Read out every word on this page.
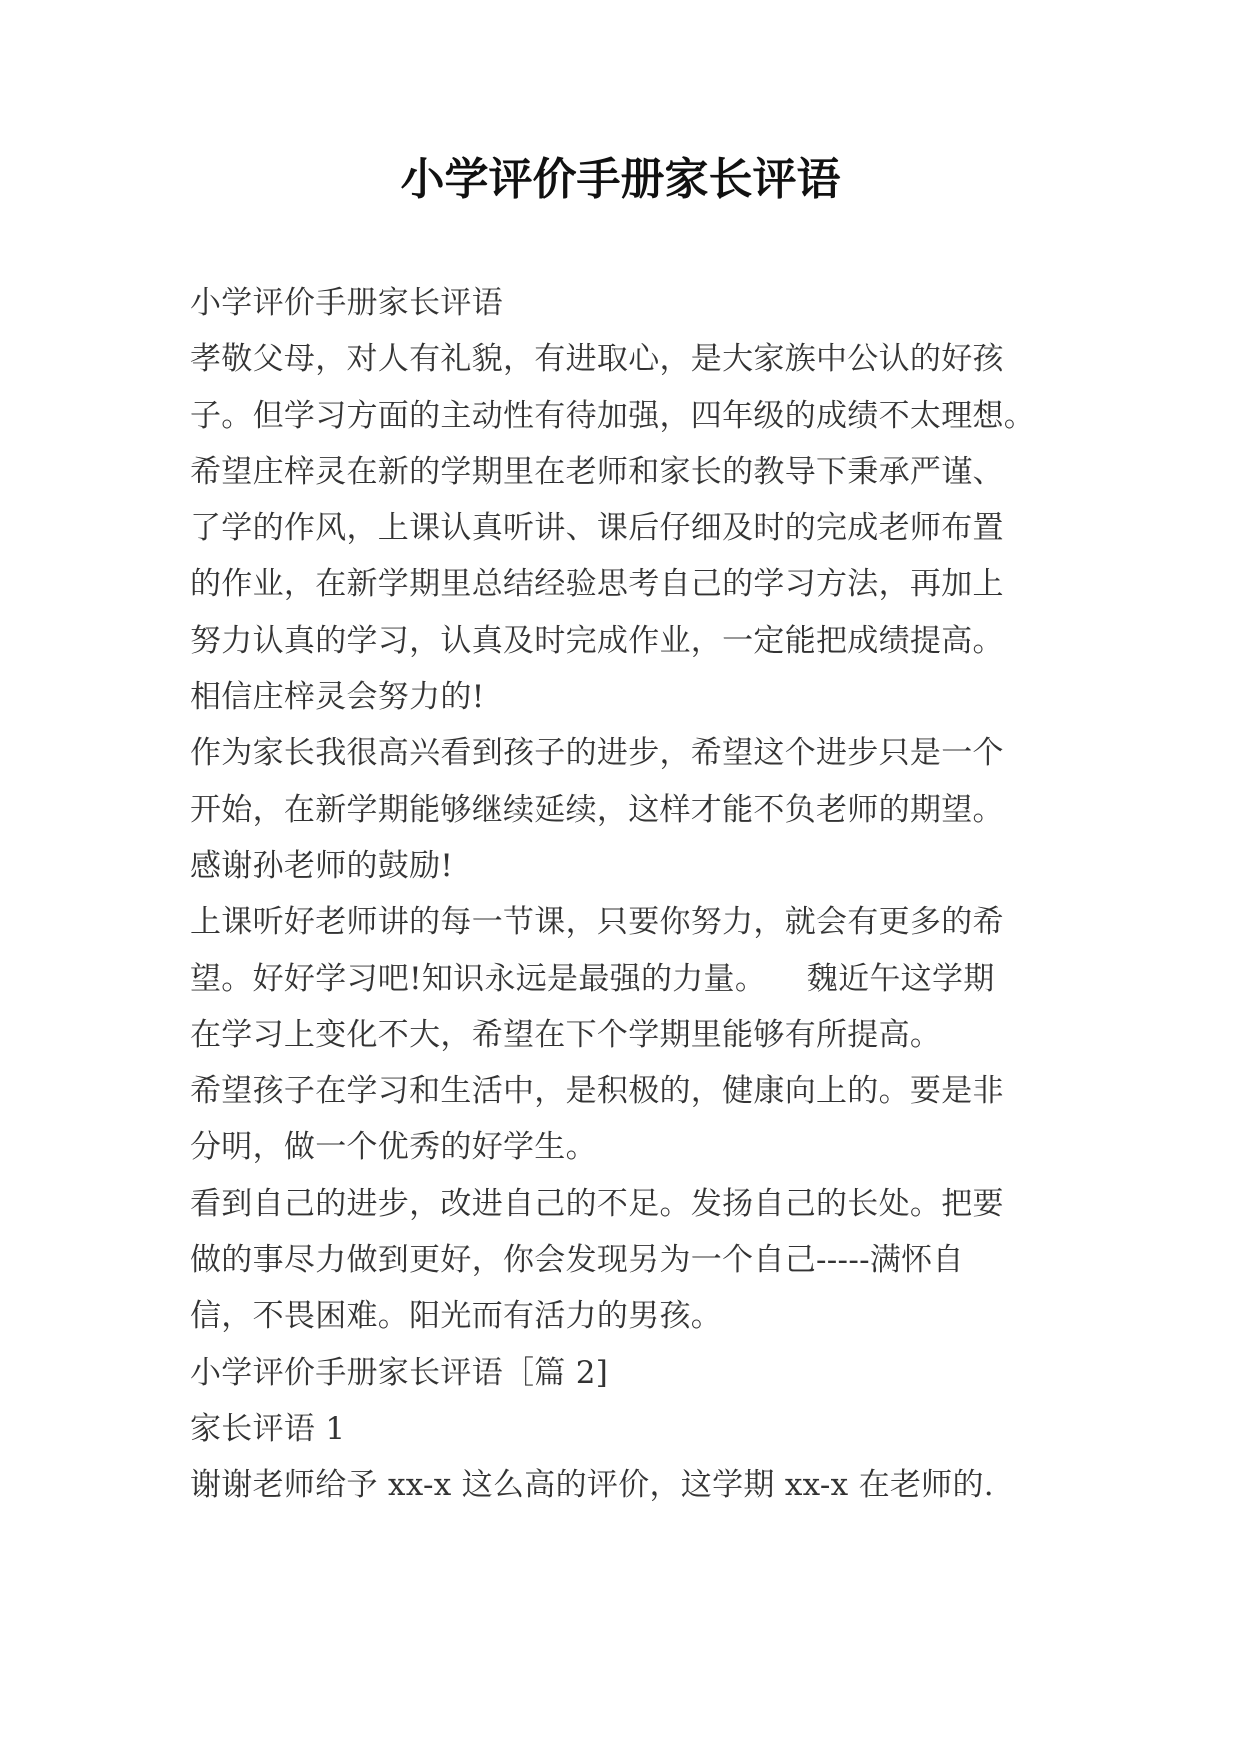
小学评价手册家长评语
小学评价手册家长评语
孝敬父母，对人有礼貌，有进取心，是大家族中公认的好孩
子。但学习方面的主动性有待加强，四年级的成绩不太理想。
希望庄梓灵在新的学期里在老师和家长的教导下秉承严谨、
了学的作风，上课认真听讲、课后仔细及时的完成老师布置
的作业，在新学期里总结经验思考自己的学习方法，再加上
努力认真的学习，认真及时完成作业，一定能把成绩提高。
相信庄梓灵会努力的!
作为家长我很高兴看到孩子的进步，希望这个进步只是一个
开始，在新学期能够继续延续，这样才能不负老师的期望。
感谢孙老师的鼓励!
上课听好老师讲的每一节课，只要你努力，就会有更多的希
望。好好学习吧!知识永远是最强的力量。    魏近午这学期
在学习上变化不大，希望在下个学期里能够有所提高。
希望孩子在学习和生活中，是积极的，健康向上的。要是非
分明，做一个优秀的好学生。
看到自己的进步，改进自己的不足。发扬自己的长处。把要
做的事尽力做到更好，你会发现另为一个自己-----满怀自
信，不畏困难。阳光而有活力的男孩。
小学评价手册家长评语［篇 2]
家长评语 1
谢谢老师给予 xx-x 这么高的评价，这学期 xx-x 在老师的.
